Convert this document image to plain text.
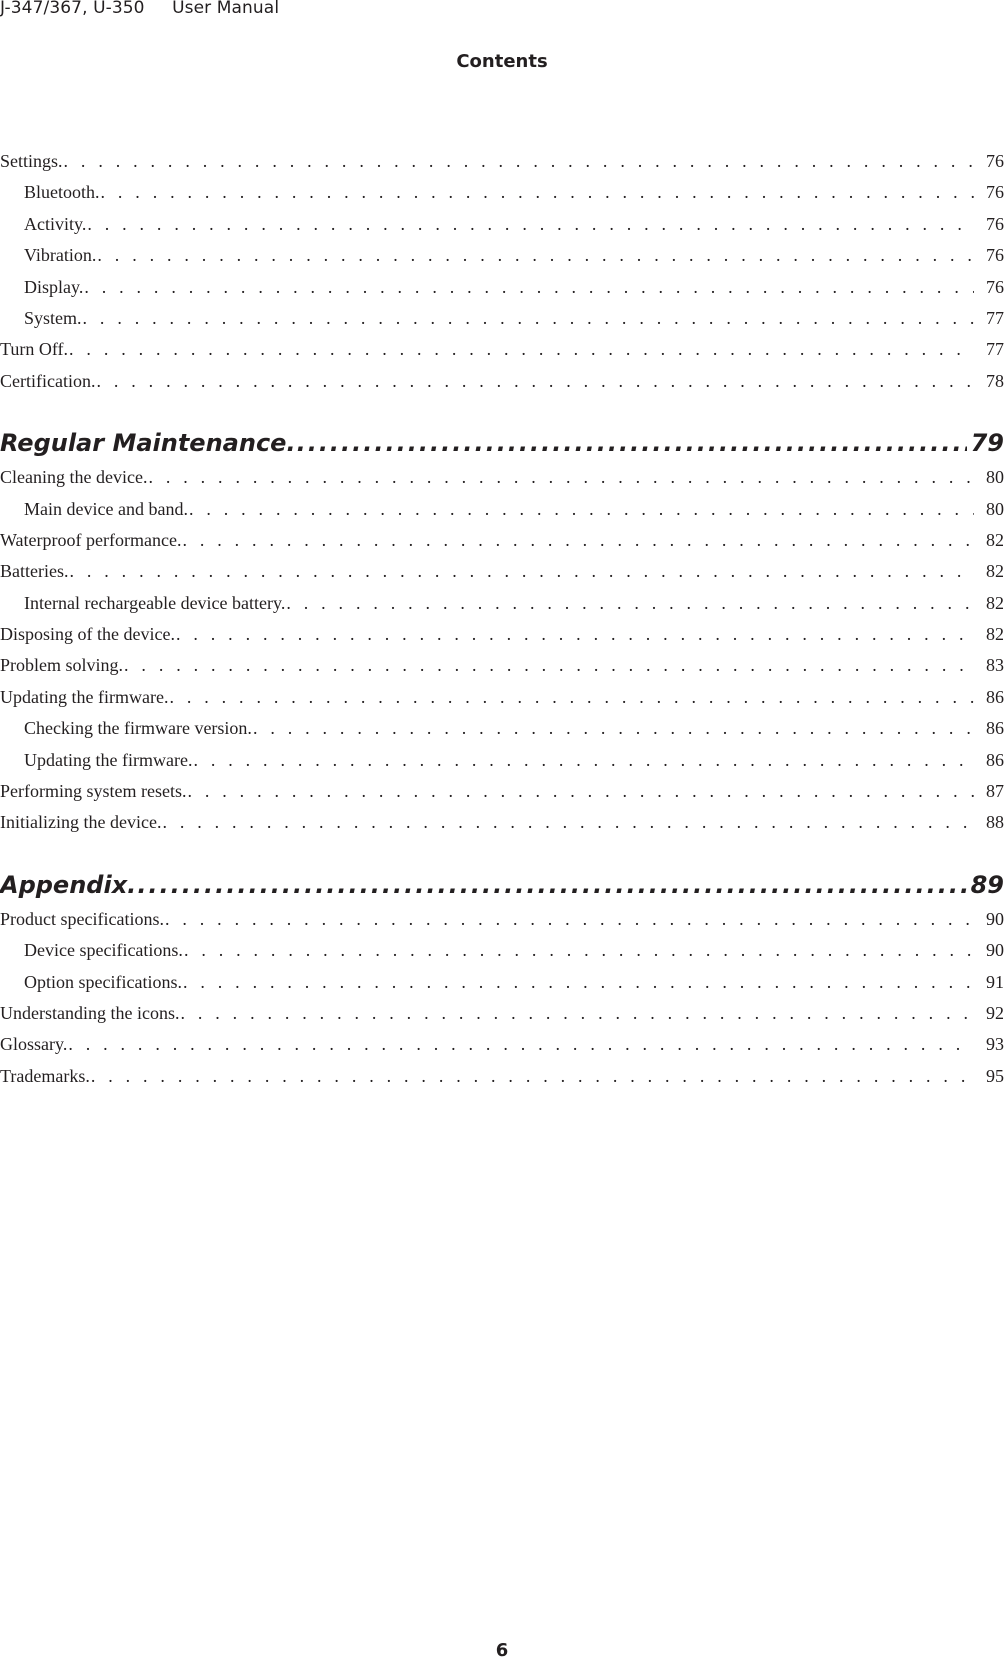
J-347/367, U-350     User Manual
Contents
Settings. . . .	76
Bluetooth. . . .	76
Activity. . . .	76
Vibration. . . .	76
Display. . . .	76
System. . . .	77
Turn Off. . . .	77
Certification. . . .	78
Regular Maintenance. .....	79
Cleaning the device. . . .	80
Main device and band. . . .	80
Waterproof performance. . . .	82
Batteries. . . .	82
Internal rechargeable device battery. . . .	82
Disposing of the device. . . .	82
Problem solving. . . .	83
Updating the firmware. . . .	86
Checking the firmware version. . . .	86
Updating the firmware. . . .	86
Performing system resets. . . .	87
Initializing the device. . . .	88
Appendix. .....	89
Product specifications. . . .	90
Device specifications. . . .	90
Option specifications. . . .	91
Understanding the icons. . . .	92
Glossary. . . .	93
Trademarks. . . .	95
6
